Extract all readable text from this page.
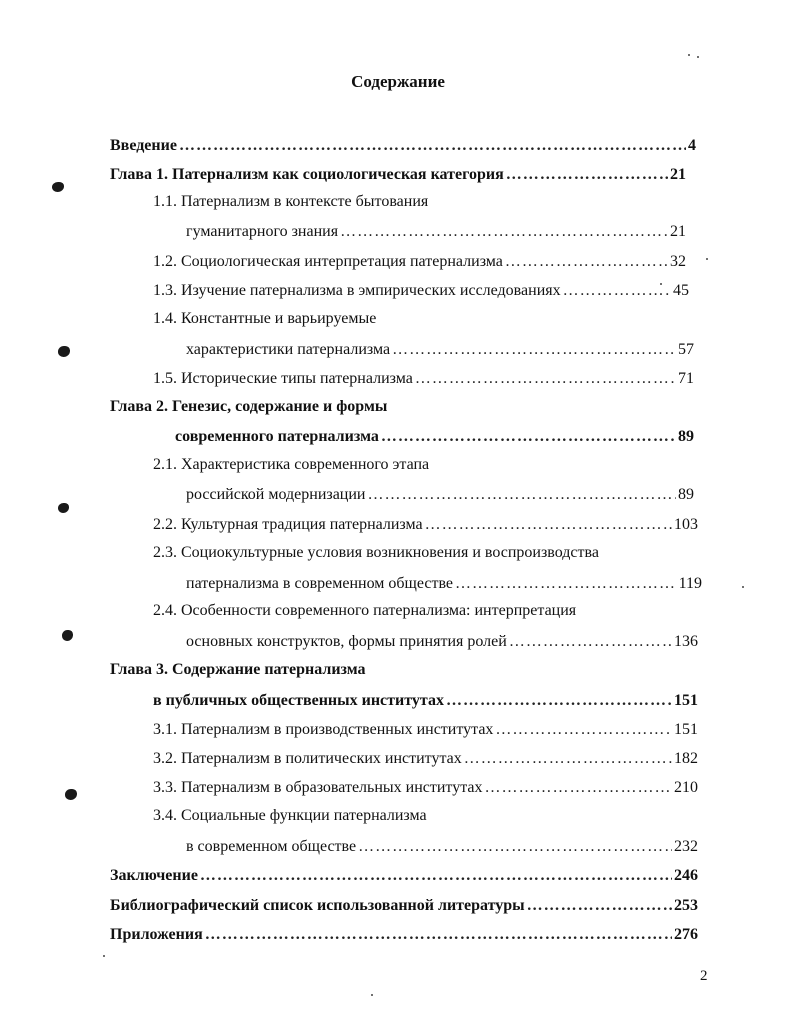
Содержание
Введение ……………………………………………………………………………………………………………………………………………………………………………………	4
Глава 1. Патернализм как социологическая категория ……………………………………………………………………………………………………………………………………………………………………………………	21
1.1. Патернализм в контексте бытования
гуманитарного знания ……………………………………………………………………………………………………………………………………………………………………………………	21
1.2. Социологическая интерпретация патернализма ……………………………………………………………………………………………………………………………………………………………………………………	32
1.3. Изучение патернализма в эмпирических исследованиях ……………………………………………………………………………………………………………………………………………………………………………………	45
1.4. Константные и варьируемые
характеристики патернализма ……………………………………………………………………………………………………………………………………………………………………………………	57
1.5. Исторические типы патернализма ……………………………………………………………………………………………………………………………………………………………………………………	71
Глава 2. Генезис, содержание и формы
современного патернализма ……………………………………………………………………………………………………………………………………………………………………………………	89
2.1. Характеристика современного этапа
российской модернизации ……………………………………………………………………………………………………………………………………………………………………………………	89
2.2. Культурная традиция патернализма ……………………………………………………………………………………………………………………………………………………………………………………	103
2.3. Социокультурные условия возникновения и воспроизводства
патернализма в современном обществе ……………………………………………………………………………………………………………………………………………………………………………………	119
2.4. Особенности современного патернализма: интерпретация
основных конструктов, формы принятия ролей ……………………………………………………………………………………………………………………………………………………………………………………	136
Глава 3. Содержание патернализма
в публичных общественных институтах ……………………………………………………………………………………………………………………………………………………………………………………	151
3.1. Патернализм в производственных институтах ……………………………………………………………………………………………………………………………………………………………………………………	151
3.2. Патернализм в политических институтах ……………………………………………………………………………………………………………………………………………………………………………………	182
3.3. Патернализм в образовательных институтах ……………………………………………………………………………………………………………………………………………………………………………………	210
3.4. Социальные функции патернализма
в современном обществе ……………………………………………………………………………………………………………………………………………………………………………………	232
Заключение ……………………………………………………………………………………………………………………………………………………………………………………	246
Библиографический список использованной литературы ……………………………………………………………………………………………………………………………………………………………………………………	253
Приложения ……………………………………………………………………………………………………………………………………………………………………………………	276
2
